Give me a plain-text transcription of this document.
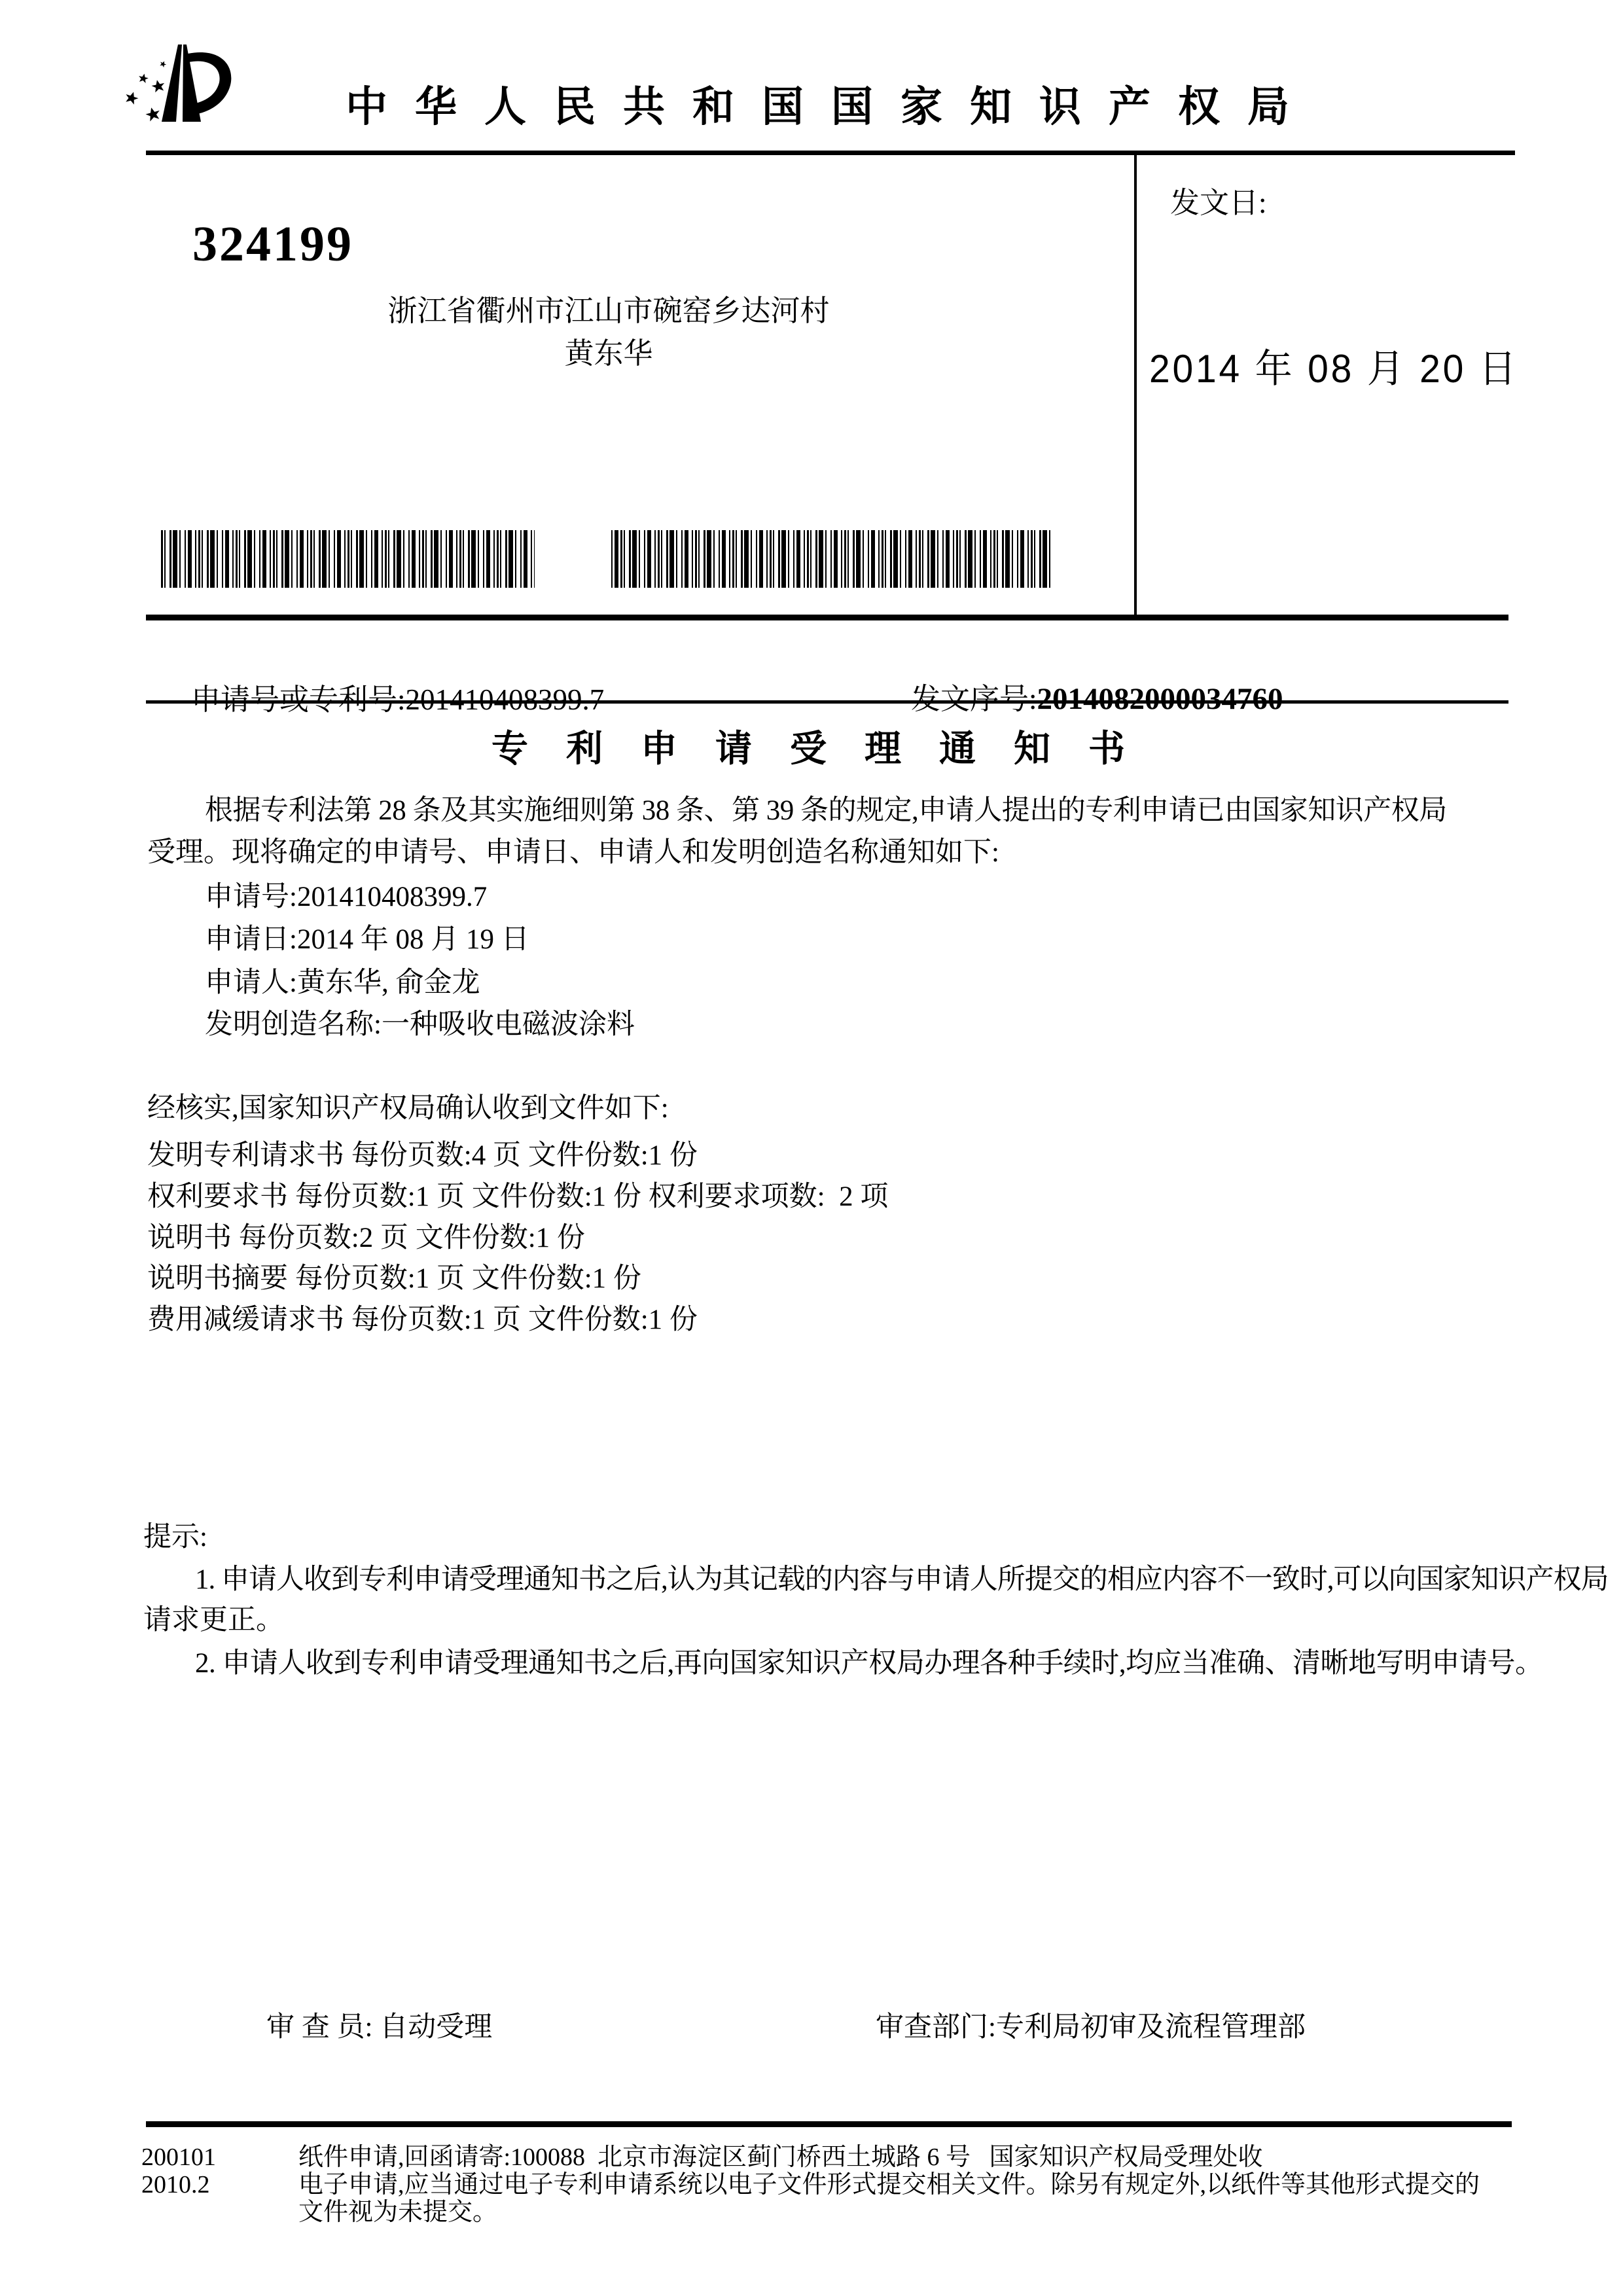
中华人民共和国国家知识产权局
324199
浙江省衢州市江山市碗窑乡达河村
黄东华
发文日:
2014 年 08 月 20 日

申请号或专利号:201410408399.7
	发文序号:2014082000034760

专  利  申  请  受  理  通  知  书
根据专利法第 28 条及其实施细则第 38 条、第 39 条的规定,申请人提出的专利申请已由国家知识产权局
受理。现将确定的申请号、申请日、申请人和发明创造名称通知如下:
申请号:201410408399.7
申请日:2014 年 08 月 19 日
申请人:黄东华, 俞金龙
发明创造名称:一种吸收电磁波涂料
经核实,国家知识产权局确认收到文件如下:
发明专利请求书 每份页数:4 页 文件份数:1 份
权利要求书 每份页数:1 页 文件份数:1 份 权利要求项数:  2 项
说明书 每份页数:2 页 文件份数:1 份
说明书摘要 每份页数:1 页 文件份数:1 份
费用减缓请求书 每份页数:1 页 文件份数:1 份
提示:
1. 申请人收到专利申请受理通知书之后,认为其记载的内容与申请人所提交的相应内容不一致时,可以向国家知识产权局
请求更正。
2. 申请人收到专利申请受理通知书之后,再向国家知识产权局办理各种手续时,均应当准确、清晰地写明申请号。

审 查 员: 自动受理
	审查部门:专利局初审及流程管理部

200101
2010.2
纸件申请,回函请寄:100088  北京市海淀区蓟门桥西土城路 6 号   国家知识产权局受理处收
电子申请,应当通过电子专利申请系统以电子文件形式提交相关文件。除另有规定外,以纸件等其他形式提交的
文件视为未提交。
